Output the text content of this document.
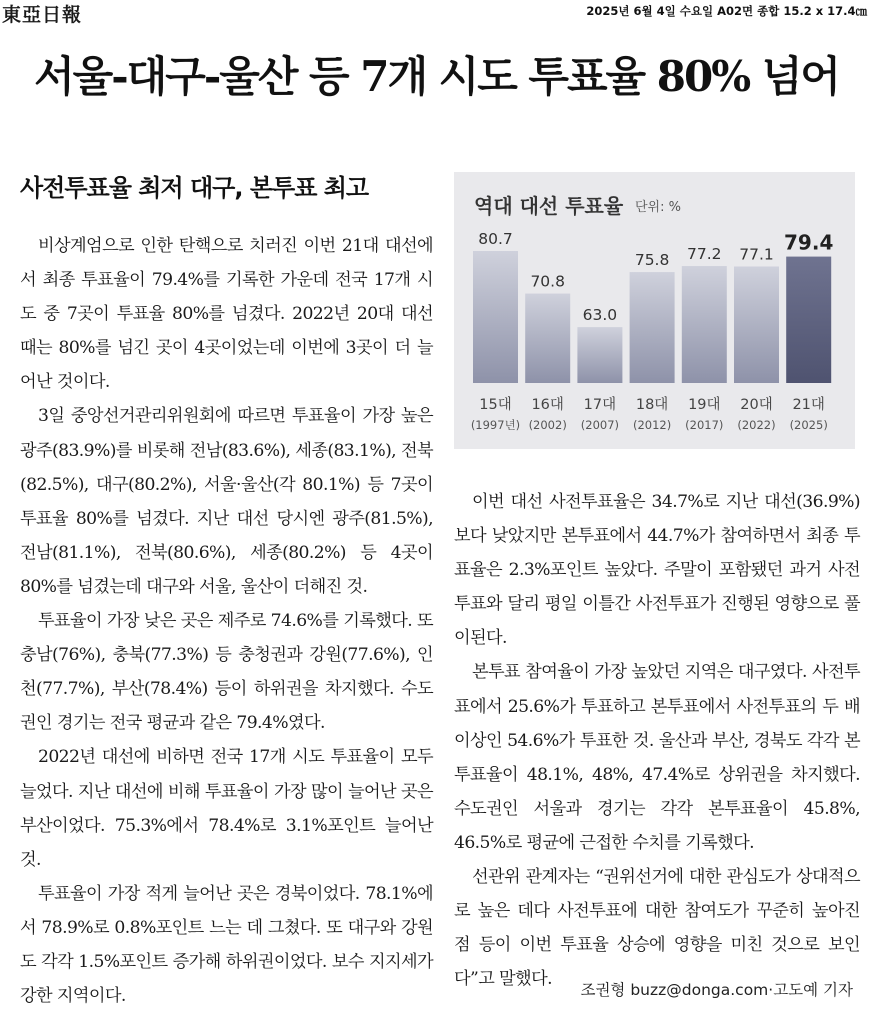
東亞日報	2025년 6월 4일 수요일 A02면 종합 15.2 x 17.4㎝
서울-대구-울산 등 7개 시도 투표율 80% 넘어
사전투표율 최저 대구, 본투표 최고

비상계엄으로 인한 탄핵으로 치러진 이번 21대 대선에서 최종 투표율이 79.4%를 기록한 가운데 전국 17개 시도 중 7곳이 투표율 80%를 넘겼다. 2022년 20대 대선 때는 80%를 넘긴 곳이 4곳이었는데 이번에 3곳이 더 늘어난 것이다.

3일 중앙선거관리위원회에 따르면 투표율이 가장 높은 광주(83.9%)를 비롯해 전남(83.6%), 세종(83.1%), 전북(82.5%), 대구(80.2%), 서울·울산(각 80.1%) 등 7곳이 투표율 80%를 넘겼다. 지난 대선 당시엔 광주(81.5%), 전남(81.1%), 전북(80.6%), 세종(80.2%) 등 4곳이 80%를 넘겼는데 대구와 서울, 울산이 더해진 것.

투표율이 가장 낮은 곳은 제주로 74.6%를 기록했다. 또 충남(76%), 충북(77.3%) 등 충청권과 강원(77.6%), 인천(77.7%), 부산(78.4%) 등이 하위권을 차지했다. 수도권인 경기는 전국 평균과 같은 79.4%였다.

2022년 대선에 비하면 전국 17개 시도 투표율이 모두 늘었다. 지난 대선에 비해 투표율이 가장 많이 늘어난 곳은 부산이었다. 75.3%에서 78.4%로 3.1%포인트 늘어난 것.

투표율이 가장 적게 늘어난 곳은 경북이었다. 78.1%에서 78.9%로 0.8%포인트 느는 데 그쳤다. 또 대구와 강원도 각각 1.5%포인트 증가해 하위권이었다. 보수 지지세가 강한 지역이다.

역대 대선 투표율 단위: %
80.7
15대
(1997년)
70.8
16대
(2002)
63.0
17대
(2007)
75.8
18대
(2012)
77.2
19대
(2017)
77.1
20대
(2022)
79.4
21대
(2025)

이번 대선 사전투표율은 34.7%로 지난 대선(36.9%)보다 낮았지만 본투표에서 44.7%가 참여하면서 최종 투표율은 2.3%포인트 높았다. 주말이 포함됐던 과거 사전투표와 달리 평일 이틀간 사전투표가 진행된 영향으로 풀이된다.

본투표 참여율이 가장 높았던 지역은 대구였다. 사전투표에서 25.6%가 투표하고 본투표에서 사전투표의 두 배 이상인 54.6%가 투표한 것. 울산과 부산, 경북도 각각 본투표율이 48.1%, 48%, 47.4%로 상위권을 차지했다. 수도권인 서울과 경기는 각각 본투표율이 45.8%, 46.5%로 평균에 근접한 수치를 기록했다.

선관위 관계자는 “권위선거에 대한 관심도가 상대적으로 높은 데다 사전투표에 대한 참여도가 꾸준히 높아진 점 등이 이번 투표율 상승에 영향을 미친 것으로 보인다”고 말했다.

조권형 buzz@donga.com·고도예 기자
